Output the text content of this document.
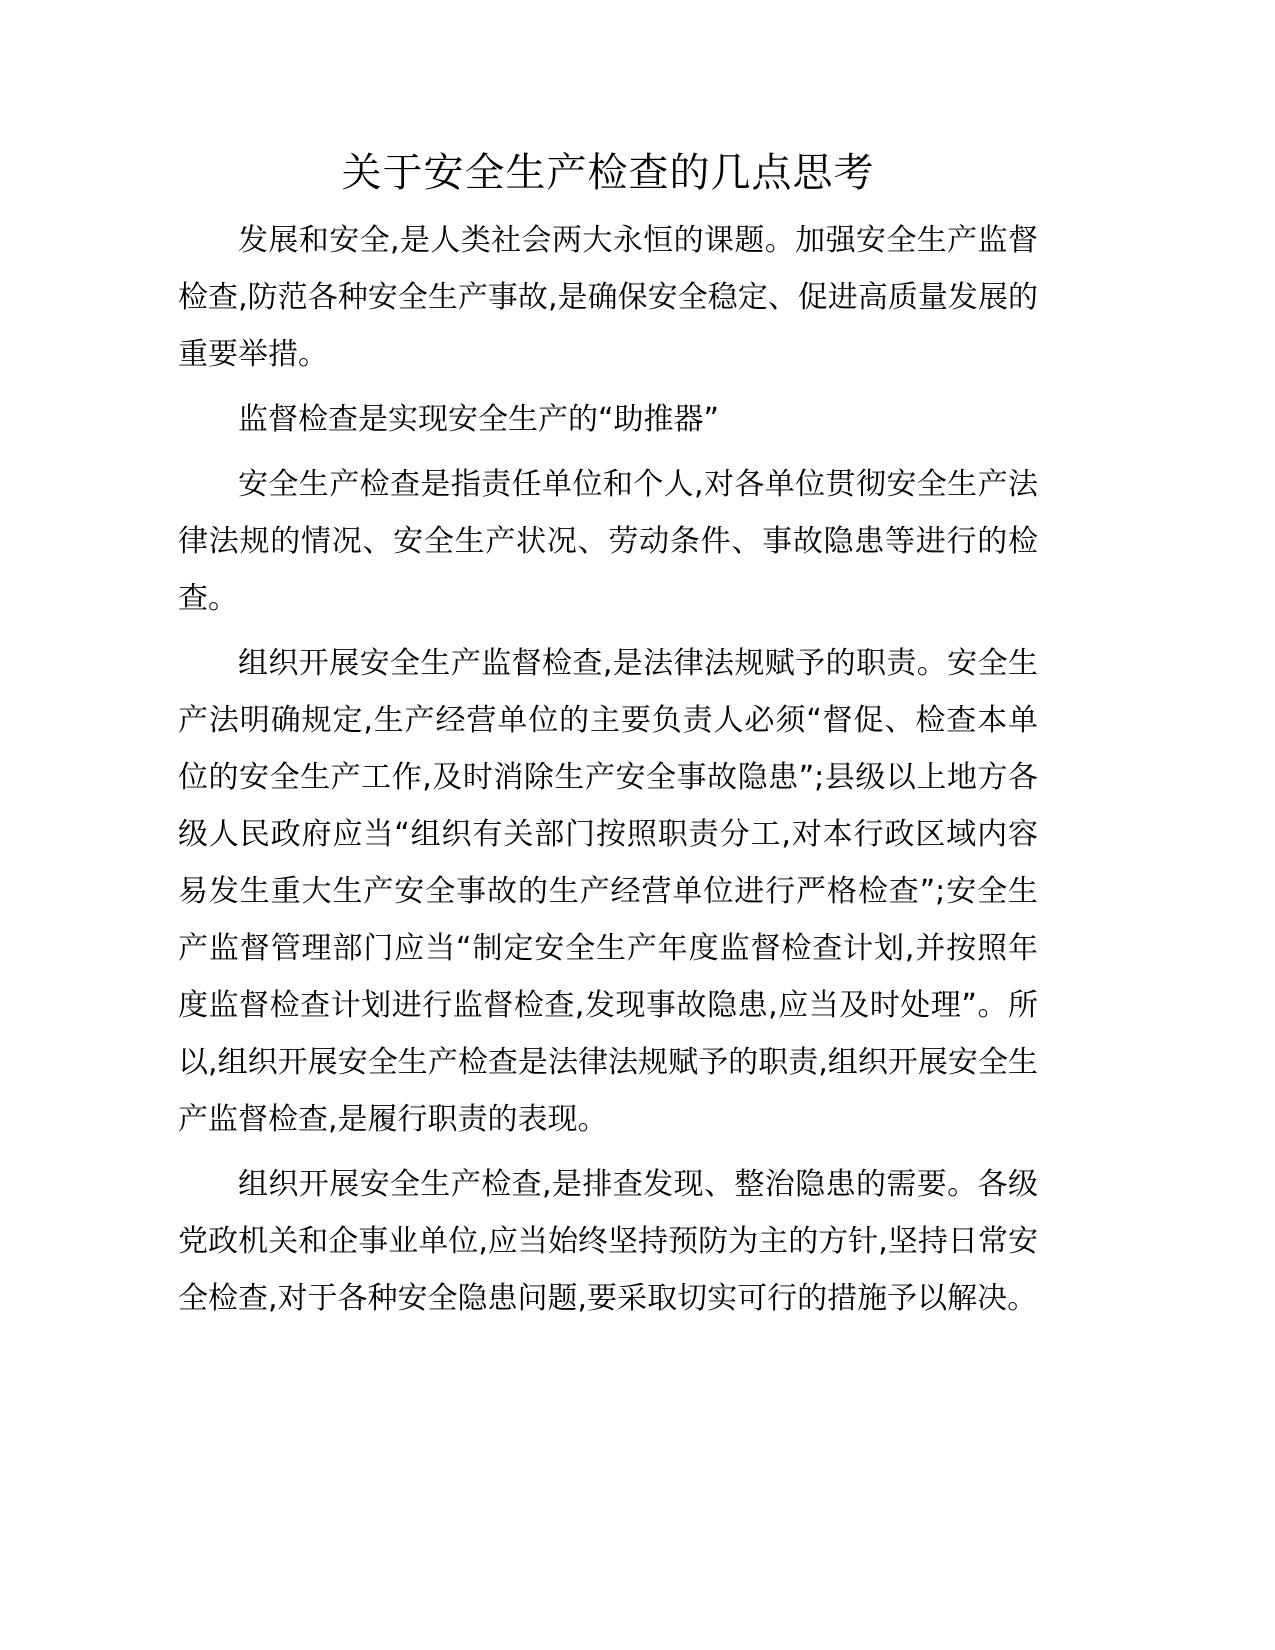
关于安全生产检查的几点思考

发展和安全,是人类社会两大永恒的课题。加强安全生产监督检查,防范各种安全生产事故,是确保安全稳定、促进高质量发展的重要举措。

监督检查是实现安全生产的“助推器”

安全生产检查是指责任单位和个人,对各单位贯彻安全生产法律法规的情况、安全生产状况、劳动条件、事故隐患等进行的检查。

组织开展安全生产监督检查,是法律法规赋予的职责。安全生产法明确规定,生产经营单位的主要负责人必须“督促、检查本单位的安全生产工作,及时消除生产安全事故隐患”;县级以上地方各级人民政府应当“组织有关部门按照职责分工,对本行政区域内容易发生重大生产安全事故的生产经营单位进行严格检查”;安全生产监督管理部门应当“制定安全生产年度监督检查计划,并按照年度监督检查计划进行监督检查,发现事故隐患,应当及时处理”。所以,组织开展安全生产检查是法律法规赋予的职责,组织开展安全生产监督检查,是履行职责的表现。

组织开展安全生产检查,是排查发现、整治隐患的需要。各级党政机关和企事业单位,应当始终坚持预防为主的方针,坚持日常安全检查,对于各种安全隐患问题,要采取切实可行的措施予以解决。
